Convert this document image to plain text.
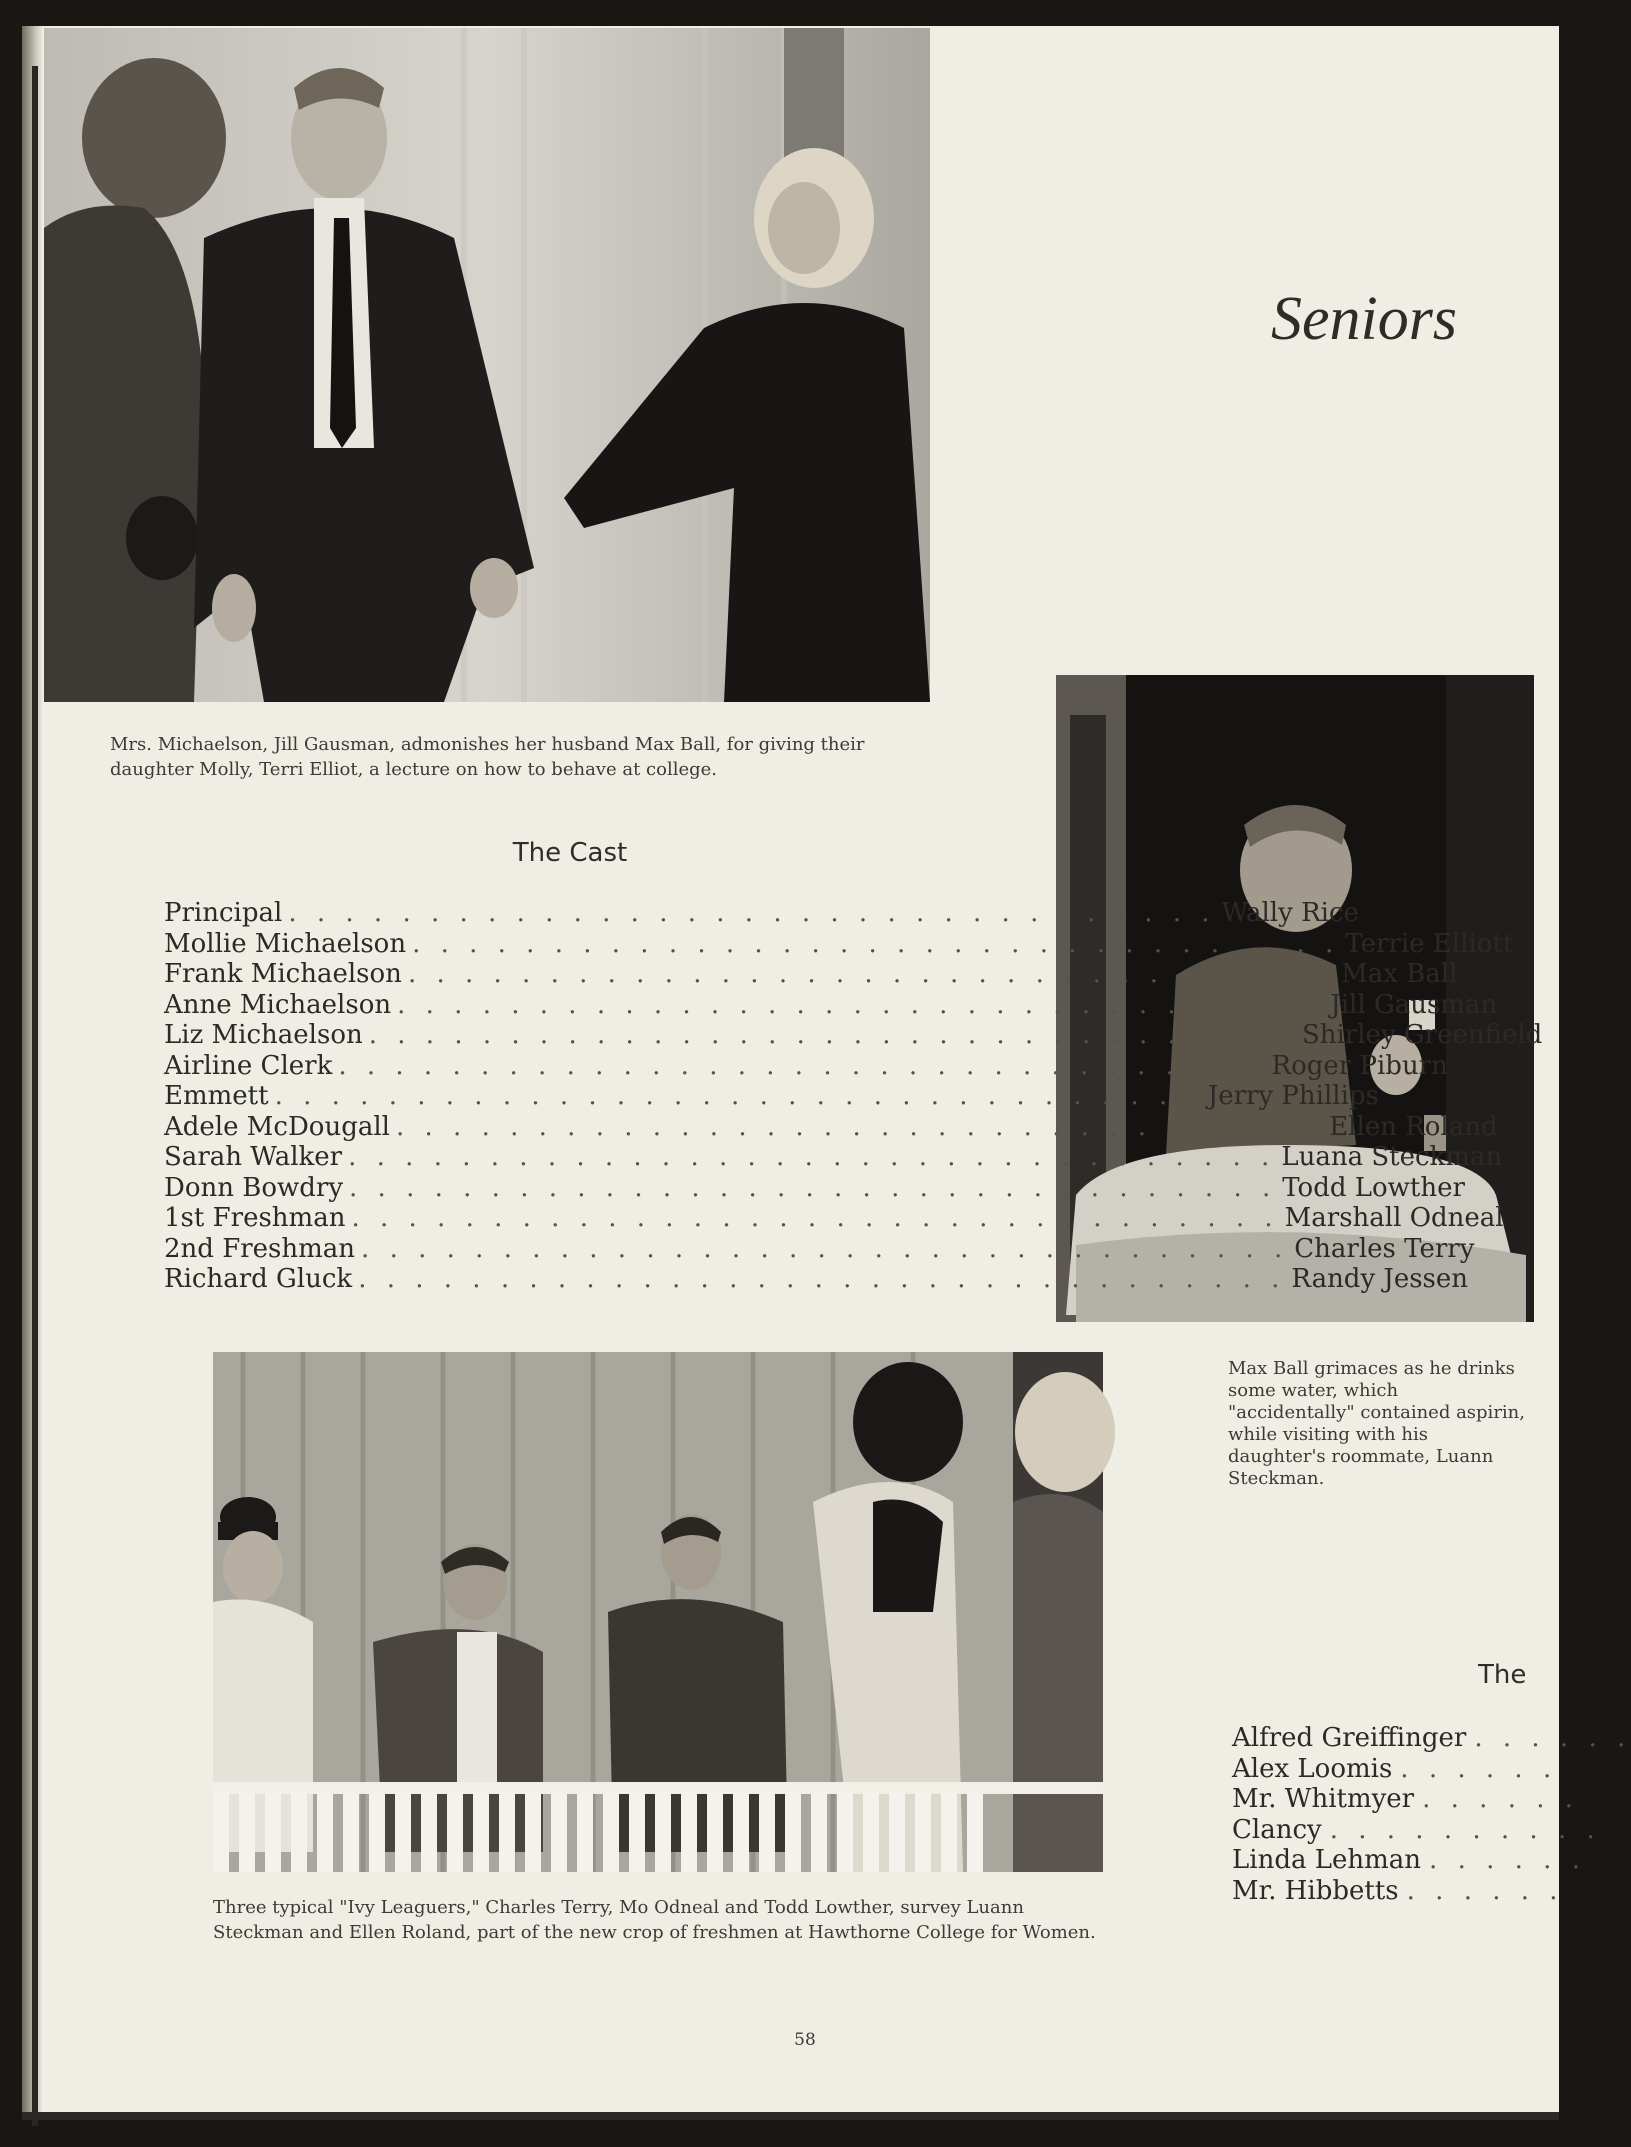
Seniors
Mrs. Michaelson, Jill Gausman, admonishes her husband Max Ball, for giving their daughter Molly, Terri Elliot, a lecture on how to behave at college.
Max Ball grimaces as he drinks some water, which "accidentally" contained aspirin, while visiting with his daughter's roommate, Luann Steckman.
The Cast
Principal . . . . . . . . . . . . . . . . . . . . . . . . . . . . . . . . . Wally Rice
Mollie Michaelson . . . . . . . . . . . . . . . . . . . . . . . . . . . . . . . . . Terrie Elliott
Frank Michaelson . . . . . . . . . . . . . . . . . . . . . . . . . . . . . . . . . Max Ball
Anne Michaelson . . . . . . . . . . . . . . . . . . . . . . . . . . . . . . . . . Jill Gausman
Liz Michaelson . . . . . . . . . . . . . . . . . . . . . . . . . . . . . . . . . Shirley Greenfield
Airline Clerk . . . . . . . . . . . . . . . . . . . . . . . . . . . . . . . . . Roger Piburn
Emmett . . . . . . . . . . . . . . . . . . . . . . . . . . . . . . . . . Jerry Phillips
Adele McDougall . . . . . . . . . . . . . . . . . . . . . . . . . . . . . . . . . Ellen Roland
Sarah Walker . . . . . . . . . . . . . . . . . . . . . . . . . . . . . . . . . Luana Steckman
Donn Bowdry . . . . . . . . . . . . . . . . . . . . . . . . . . . . . . . . . Todd Lowther
1st Freshman . . . . . . . . . . . . . . . . . . . . . . . . . . . . . . . . . Marshall Odneal
2nd Freshman . . . . . . . . . . . . . . . . . . . . . . . . . . . . . . . . . Charles Terry
Richard Gluck . . . . . . . . . . . . . . . . . . . . . . . . . . . . . . . . . Randy Jessen
Three typical "Ivy Leaguers," Charles Terry, Mo Odneal and Todd Lowther, survey Luann Steckman and Ellen Roland, part of the new crop of freshmen at Hawthorne College for Women.
The
Alfred Greiffinger . . . . . .
Alex Loomis . . . . . .
Mr. Whitmyer . . . . . .
Clancy . . . . . . . . . .
Linda Lehman . . . . . .
Mr. Hibbetts . . . . . .
58
